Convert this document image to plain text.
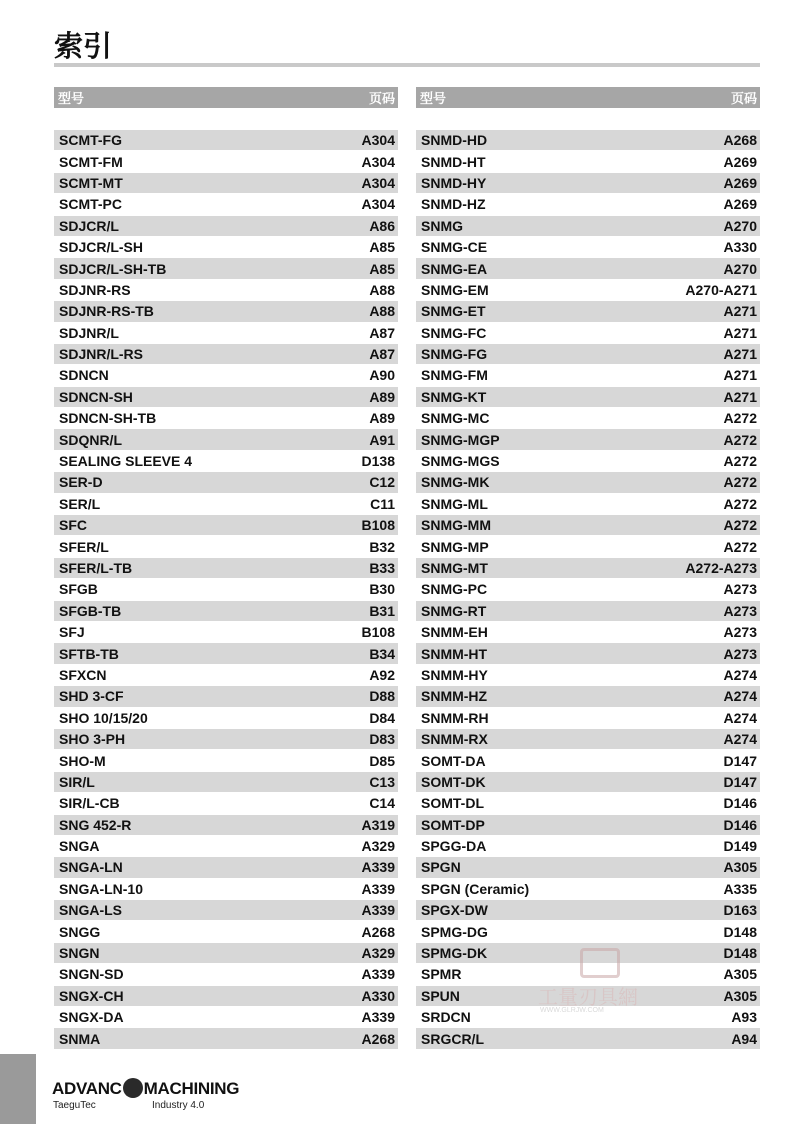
索引
型号	页码
SCMT-FG	A304
SCMT-FM	A304
SCMT-MT	A304
SCMT-PC	A304
SDJCR/L	A86
SDJCR/L-SH	A85
SDJCR/L-SH-TB	A85
SDJNR-RS	A88
SDJNR-RS-TB	A88
SDJNR/L	A87
SDJNR/L-RS	A87
SDNCN	A90
SDNCN-SH	A89
SDNCN-SH-TB	A89
SDQNR/L	A91
SEALING SLEEVE 4	D138
SER-D	C12
SER/L	C11
SFC	B108
SFER/L	B32
SFER/L-TB	B33
SFGB	B30
SFGB-TB	B31
SFJ	B108
SFTB-TB	B34
SFXCN	A92
SHD 3-CF	D88
SHO 10/15/20	D84
SHO 3-PH	D83
SHO-M	D85
SIR/L	C13
SIR/L-CB	C14
SNG 452-R	A319
SNGA	A329
SNGA-LN	A339
SNGA-LN-10	A339
SNGA-LS	A339
SNGG	A268
SNGN	A329
SNGN-SD	A339
SNGX-CH	A330
SNGX-DA	A339
SNMA	A268
型号	页码
SNMD-HD	A268
SNMD-HT	A269
SNMD-HY	A269
SNMD-HZ	A269
SNMG	A270
SNMG-CE	A330
SNMG-EA	A270
SNMG-EM	A270-A271
SNMG-ET	A271
SNMG-FC	A271
SNMG-FG	A271
SNMG-FM	A271
SNMG-KT	A271
SNMG-MC	A272
SNMG-MGP	A272
SNMG-MGS	A272
SNMG-MK	A272
SNMG-ML	A272
SNMG-MM	A272
SNMG-MP	A272
SNMG-MT	A272-A273
SNMG-PC	A273
SNMG-RT	A273
SNMM-EH	A273
SNMM-HT	A273
SNMM-HY	A274
SNMM-HZ	A274
SNMM-RH	A274
SNMM-RX	A274
SOMT-DA	D147
SOMT-DK	D147
SOMT-DL	D146
SOMT-DP	D146
SPGG-DA	D149
SPGN	A305
SPGN (Ceramic)	A335
SPGX-DW	D163
SPMG-DG	D148
SPMG-DK	D148
SPMR	A305
SPUN	A305
SRDCN	A93
SRGCR/L	A94
工量刃具網
WWW.GLRJW.COM
ADVANC MACHINING
TaeguTec	Industry 4.0
